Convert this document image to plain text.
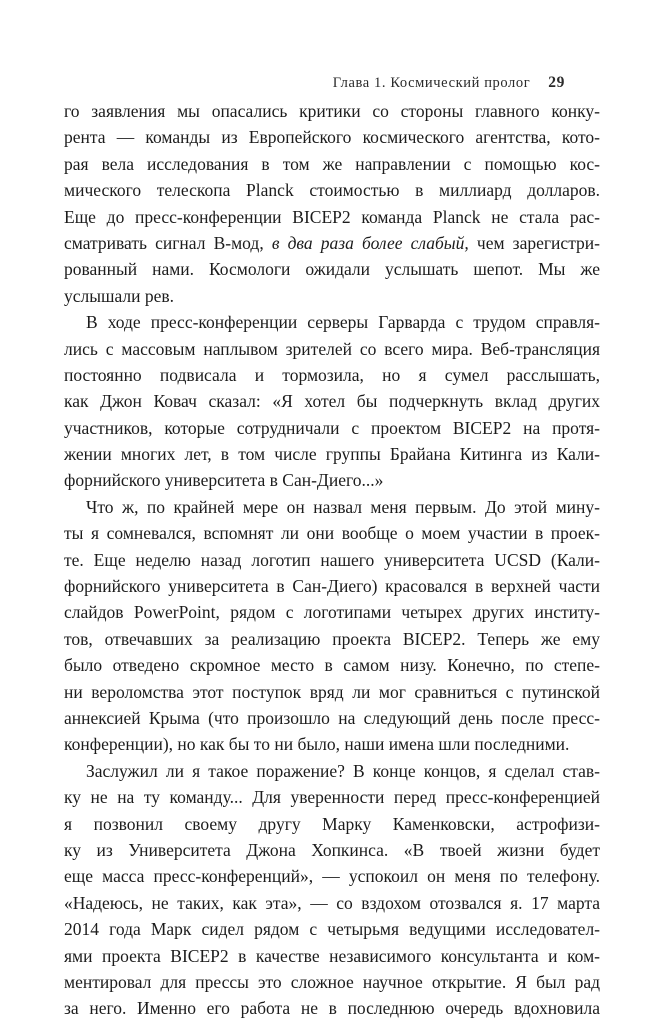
Глава 1. Космический пролог 29
го заявления мы опасались критики со стороны главного конку-
рента — команды из Европейского космического агентства, кото-
рая вела исследования в том же направлении с помощью кос-
мического телескопа Planck стоимостью в миллиард долларов.
Еще до пресс-конференции BICEP2 команда Planck не стала рас-
сматривать сигнал B-мод, в два раза более слабый, чем зарегистри-
рованный нами. Космологи ожидали услышать шепот. Мы же
услышали рев.
В ходе пресс-конференции серверы Гарварда с трудом справля-
лись с массовым наплывом зрителей со всего мира. Веб-трансляция
постоянно подвисала и тормозила, но я сумел расслышать,
как Джон Ковач сказал: «Я хотел бы подчеркнуть вклад других
участников, которые сотрудничали с проектом BICEP2 на протя-
жении многих лет, в том числе группы Брайана Китинга из Кали-
форнийского университета в Сан-Диего...»
Что ж, по крайней мере он назвал меня первым. До этой мину-
ты я сомневался, вспомнят ли они вообще о моем участии в проек-
те. Еще неделю назад логотип нашего университета UCSD (Кали-
форнийского университета в Сан-Диего) красовался в верхней части
слайдов PowerPoint, рядом с логотипами четырех других институ-
тов, отвечавших за реализацию проекта BICEP2. Теперь же ему
было отведено скромное место в самом низу. Конечно, по степе-
ни вероломства этот поступок вряд ли мог сравниться с путинской
аннексией Крыма (что произошло на следующий день после пресс-
конференции), но как бы то ни было, наши имена шли последними.
Заслужил ли я такое поражение? В конце концов, я сделал став-
ку не на ту команду... Для уверенности перед пресс-конференцией
я позвонил своему другу Марку Каменковски, астрофизи-
ку из Университета Джона Хопкинса. «В твоей жизни будет
еще масса пресс-конференций», — успокоил он меня по телефону.
«Надеюсь, не таких, как эта», — со вздохом отозвался я. 17 марта
2014 года Марк сидел рядом с четырьмя ведущими исследовател-
ями проекта BICEP2 в качестве независимого консультанта и ком-
ментировал для прессы это сложное научное открытие. Я был рад
за него. Именно его работа не в последнюю очередь вдохновила
